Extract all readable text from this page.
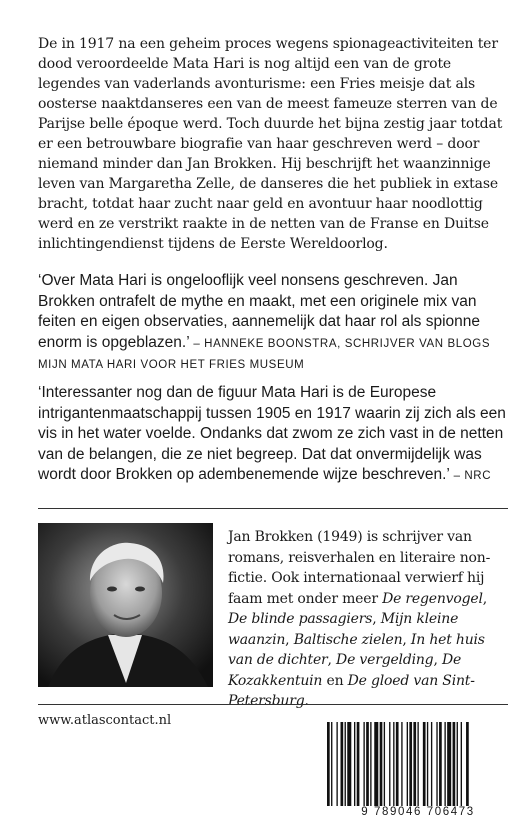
De in 1917 na een geheim proces wegens spionageactiviteiten ter dood veroordeelde Mata Hari is nog altijd een van de grote legendes van vaderlands avonturisme: een Fries meisje dat als oosterse naaktdanseres een van de meest fameuze sterren van de Parijse belle époque werd. Toch duurde het bijna zestig jaar totdat er een betrouwbare biografie van haar geschreven werd – door niemand minder dan Jan Brokken. Hij beschrijft het waanzinnige leven van Margaretha Zelle, de danseres die het publiek in extase bracht, totdat haar zucht naar geld en avontuur haar noodlottig werd en ze verstrikt raakte in de netten van de Franse en Duitse inlichtingendienst tijdens de Eerste Wereldoorlog.

‘Over Mata Hari is ongelooflijk veel nonsens geschreven. Jan Brokken ontrafelt de mythe en maakt, met een originele mix van feiten en eigen observaties, aannemelijk dat haar rol als spionne enorm is opgeblazen.’ – HANNEKE BOONSTRA, SCHRIJVER VAN BLOGS MIJN MATA HARI VOOR HET FRIES MUSEUM

‘Interessanter nog dan de figuur Mata Hari is de Europese intrigantenmaatschappij tussen 1905 en 1917 waarin zij zich als een vis in het water voelde. Ondanks dat zwom ze zich vast in de netten van de belangen, die ze niet begreep. Dat dat onvermijdelijk was wordt door Brokken op adembenemende wijze beschreven.’ – NRC

Jan Brokken (1949) is schrijver van romans, reisverhalen en literaire non-fictie. Ook internationaal verwierf hij faam met onder meer De regenvogel, De blinde passagiers, Mijn kleine waanzin, Baltische zielen, In het huis van de dichter, De vergelding, De Kozakkentuin en De gloed van Sint-Petersburg.

www.atlascontact.nl
9 789046 706473
